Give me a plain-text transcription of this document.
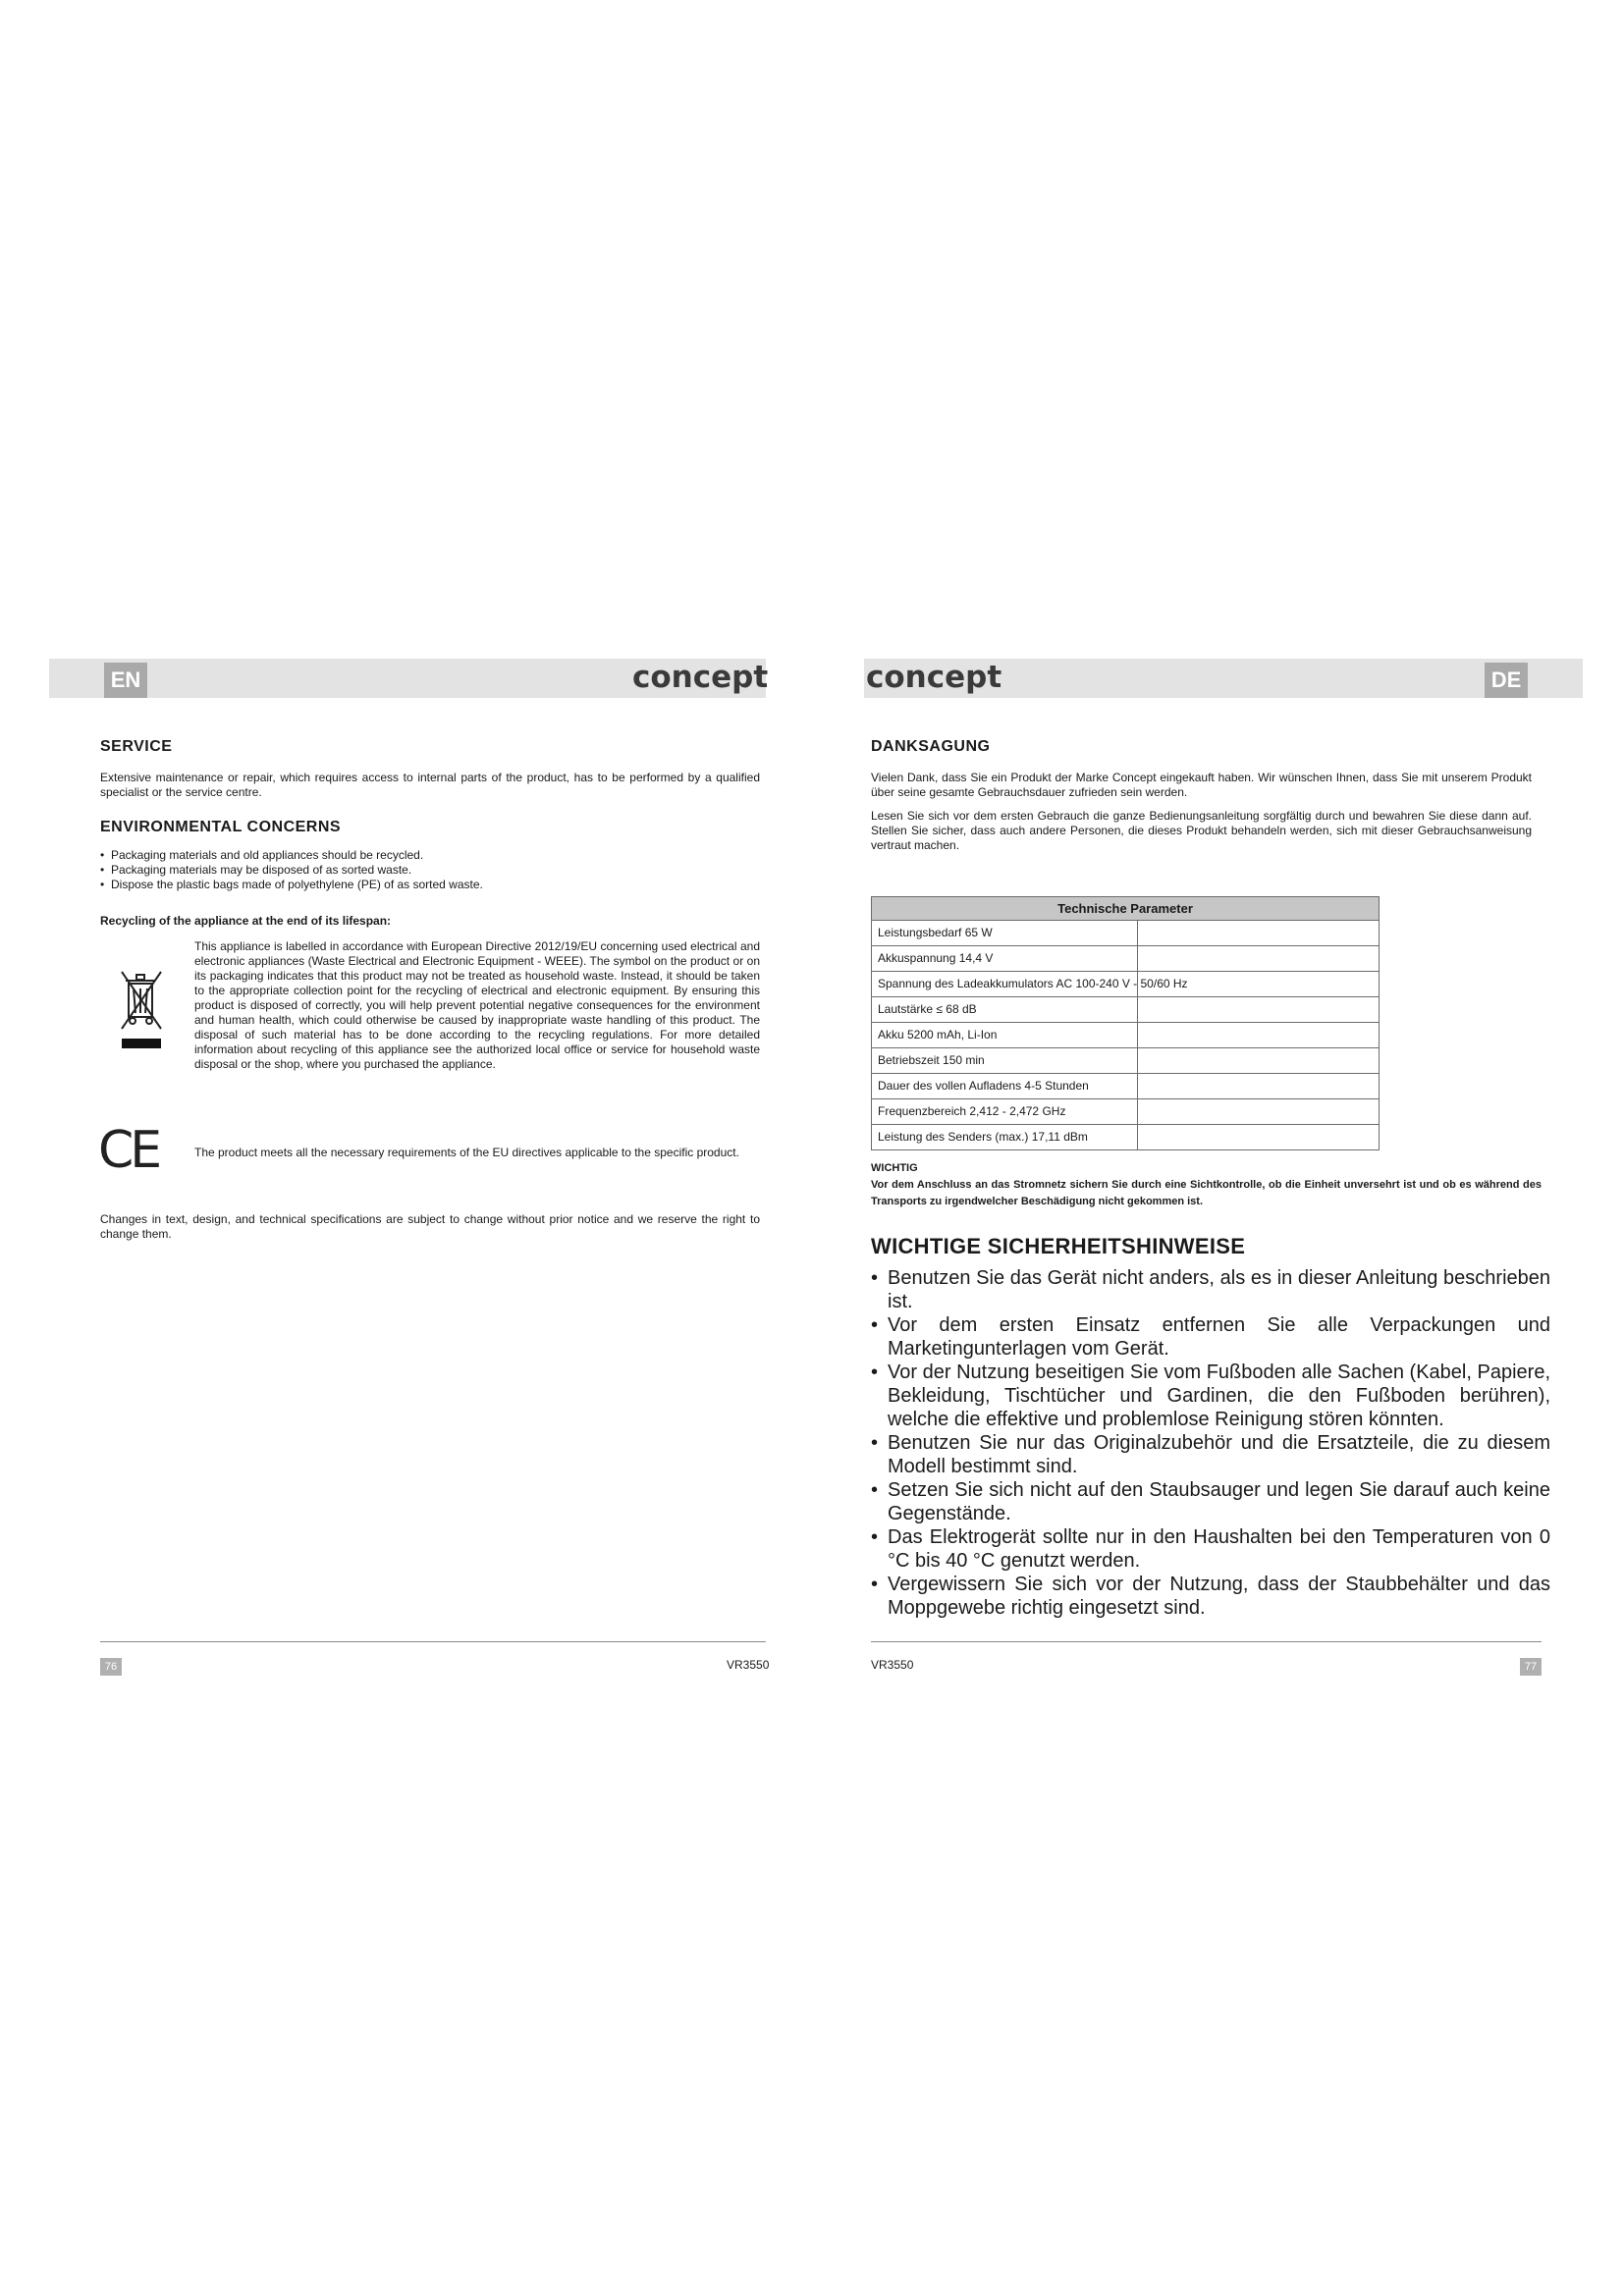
EN	DE
concept	concept
SERVICE

Extensive maintenance or repair, which requires access to internal parts of the product, has to be performed by a qualified specialist or the service centre.

ENVIRONMENTAL CONCERNS
• Packaging materials and old appliances should be recycled.
• Packaging materials may be disposed of as sorted waste.
• Dispose the plastic bags made of polyethylene (PE) of as sorted waste.

Recycling of the appliance at the end of its lifespan:

This appliance is labelled in accordance with European Directive 2012/19/EU concerning used electrical and electronic appliances (Waste Electrical and Electronic Equipment - WEEE). The symbol on the product or on its packaging indicates that this product may not be treated as household waste. Instead, it should be taken to the appropriate collection point for the recycling of electrical and electronic equipment. By ensuring this product is disposed of correctly, you will help prevent potential negative consequences for the environment and human health, which could otherwise be caused by inappropriate waste handling of this product. The disposal of such material has to be done according to the recycling regulations. For more detailed information about recycling of this appliance see the authorized local office or service for household waste disposal or the shop, where you purchased the appliance.

CE	The product meets all the necessary requirements of the EU directives applicable to the specific product.

Changes in text, design, and technical specifications are subject to change without prior notice and we reserve the right to change them.

DANKSAGUNG

Vielen Dank, dass Sie ein Produkt der Marke Concept eingekauft haben. Wir wünschen Ihnen, dass Sie mit unserem Produkt über seine gesamte Gebrauchsdauer zufrieden sein werden.

Lesen Sie sich vor dem ersten Gebrauch die ganze Bedienungsanleitung sorgfältig durch und bewahren Sie diese dann auf. Stellen Sie sicher, dass auch andere Personen, die dieses Produkt behandeln werden, sich mit dieser Gebrauchsanweisung vertraut machen.

Technische Parameter

Leistungsbedarf 65 W

Akkuspannung 14,4 V

Spannung des Ladeakkumulators AC 100-240 V - 50/60 Hz

Lautstärke ≤ 68 dB

Akku 5200 mAh, Li-Ion

Betriebszeit 150 min

Dauer des vollen Aufladens 4-5 Stunden

Frequenzbereich 2,412 - 2,472 GHz

Leistung des Senders (max.) 17,11 dBm

WICHTIG

Vor dem Anschluss an das Stromnetz sichern Sie durch eine Sichtkontrolle, ob die Einheit unversehrt ist und ob es während des Transports zu irgendwelcher Beschädigung nicht gekommen ist.

WICHTIGE SICHERHEITSHINWEISE
• Benutzen Sie das Gerät nicht anders, als es in dieser Anleitung beschrieben ist.
• Vor dem ersten Einsatz entfernen Sie alle Verpackungen und Marketingunterlagen vom Gerät.
• Vor der Nutzung beseitigen Sie vom Fußboden alle Sachen (Kabel, Papiere, Bekleidung, Tischtücher und Gardinen, die den Fußboden berühren), welche die effektive und problemlose Reinigung stören könnten.
• Benutzen Sie nur das Originalzubehör und die Ersatzteile, die zu diesem Modell bestimmt sind.
• Setzen Sie sich nicht auf den Staubsauger und legen Sie darauf auch keine Gegenstände.
• Das Elektrogerät sollte nur in den Haushalten bei den Temperaturen von 0 °C bis 40 °C genutzt werden.
• Vergewissern Sie sich vor der Nutzung, dass der Staubbehälter und das Moppgewebe richtig eingesetzt sind.
76	VR3550	VR3550	77
